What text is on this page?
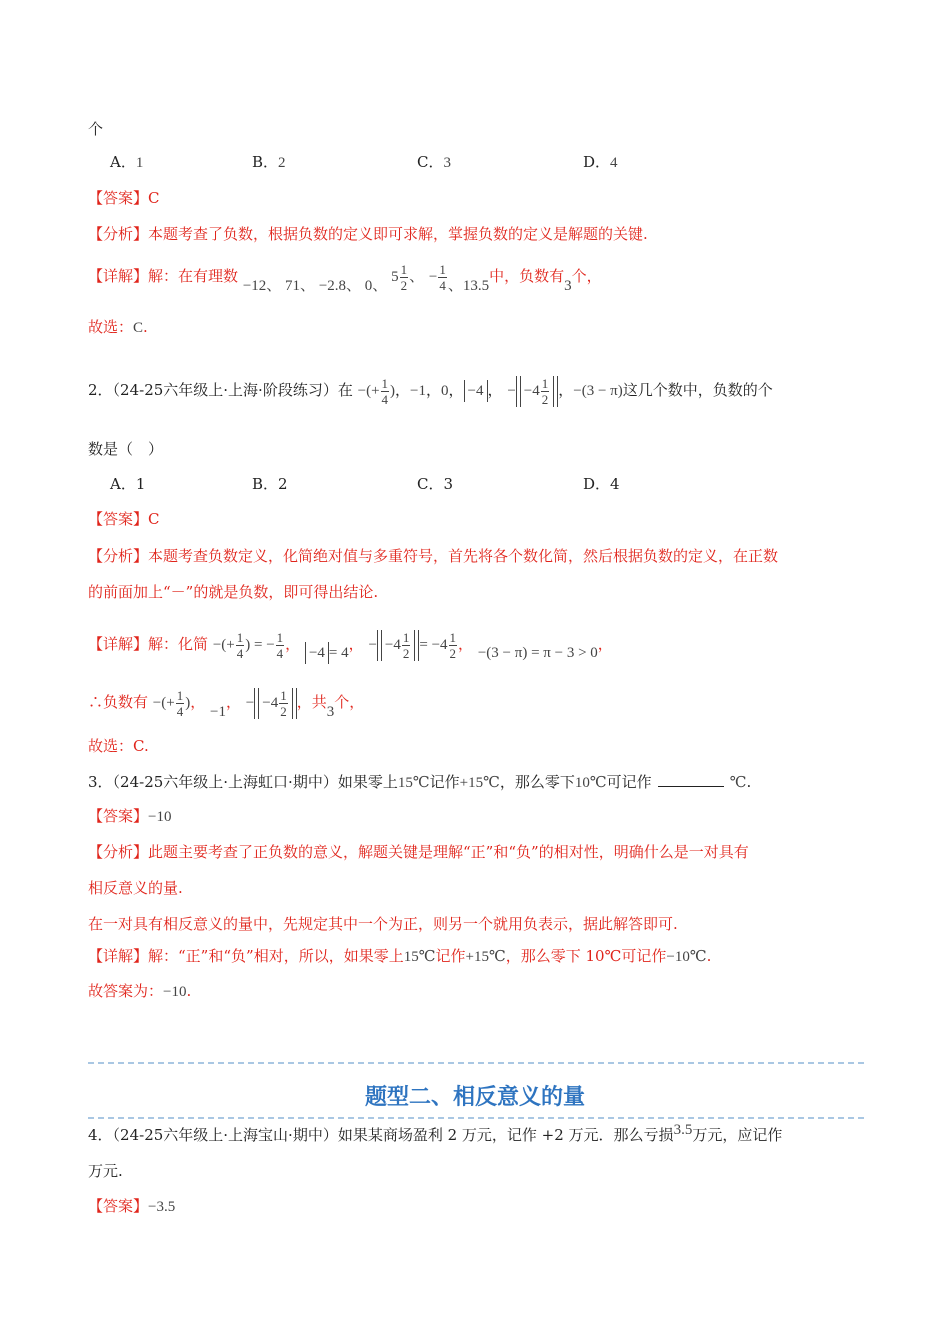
个
A．1	B．2	C．3	D．4
【答案】C
【分析】本题考查了负数，根据负数的定义即可求解，掌握负数的定义是解题的关键.
【详解】解：在有理数 −12、 71、 −2.8、 0、 $5 \frac{1}{2}$ 、 − $\frac{1}{4}$ 、13.5中，负数有3个，
故选：C.
2．（24-25六年级上·上海·阶段练习）在 −(+ $\frac{1}{4}$ )，−1，0， −4 ， − $-4 \frac{1}{2}$ ，−(3 − π)这几个数中，负数的个
数是（　）
A．1	B．2	C．3	D．4
【答案】C
【分析】本题考查负数定义，化简绝对值与多重符号，首先将各个数化简，然后根据负数的定义，在正数
的前面加上“－”的就是负数，即可得出结论.
【详解】解：化简 −(+ $\frac{1}{4}$ ) = − $\frac{1}{4}$ ， −4 = 4， − $-4 \frac{1}{2} = -4 \frac{1}{2}$ ， −(3 − π) = π − 3 > 0，
∴负数有 −(+ $\frac{1}{4}$ )， −1， − $-4 \frac{1}{2}$ ，共3个，
故选：C.
3．（24-25六年级上·上海虹口·期中）如果零上15℃记作+15℃，那么零下10℃可记作	℃.
【答案】−10
【分析】此题主要考查了正负数的意义，解题关键是理解“正”和“负”的相对性，明确什么是一对具有
相反意义的量.
在一对具有相反意义的量中，先规定其中一个为正，则另一个就用负表示，据此解答即可.
【详解】解：“正”和“负”相对，所以，如果零上15℃记作+15℃，那么零下 10℃可记作−10℃.
故答案为：−10.
题型二、相反意义的量
4．（24-25六年级上·上海宝山·期中）如果某商场盈利 2 万元，记作 +2 万元．那么亏损3.5万元，应记作
万元.
【答案】−3.5
